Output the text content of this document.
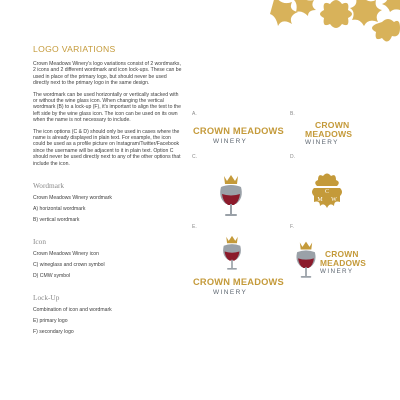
LOGO VARIATIONS

Crown Meadows Winery's logo variations consist of 2 wordmarks, 2 icons and 2 different wordmark and icon lock-ups. These can be used in place of the primary logo, but should never be used directly next to the primary logo in the same design.

The wordmark can be used horizontally or vertically stacked with or without the wine glass icon. When changing the vertical wordmark (B) to a lock-up (F), it's important to align the text to the left side by the wine glass icon. The icon can be used on its own when the name is not necessary to include.

The icon options (C & D) should only be used in cases where the name is already displayed in plain text. For example, the icon could be used as a profile picture on Instagram/Twitter/Facebook since the username will be adjacent to it in plain text. Option C should never be used directly next to any of the other options that include the icon.

Wordmark

Crown Meadows Winery wordmark

A) horizontal wordmark

B) vertical wordmark

Icon

Crown Meadows Winery icon

C) wineglass and crown symbol

D) CMW symbol

Lock-Up

Combination of icon and wordmark

E) primary logo

F) secondary logo

A.	B.
C.	D.
E.	F.
CROWN MEADOWS
WINERY
CROWN
MEADOWS
WINERY
C
M W
CROWN MEADOWS
WINERY
CROWN
MEADOWS
WINERY
